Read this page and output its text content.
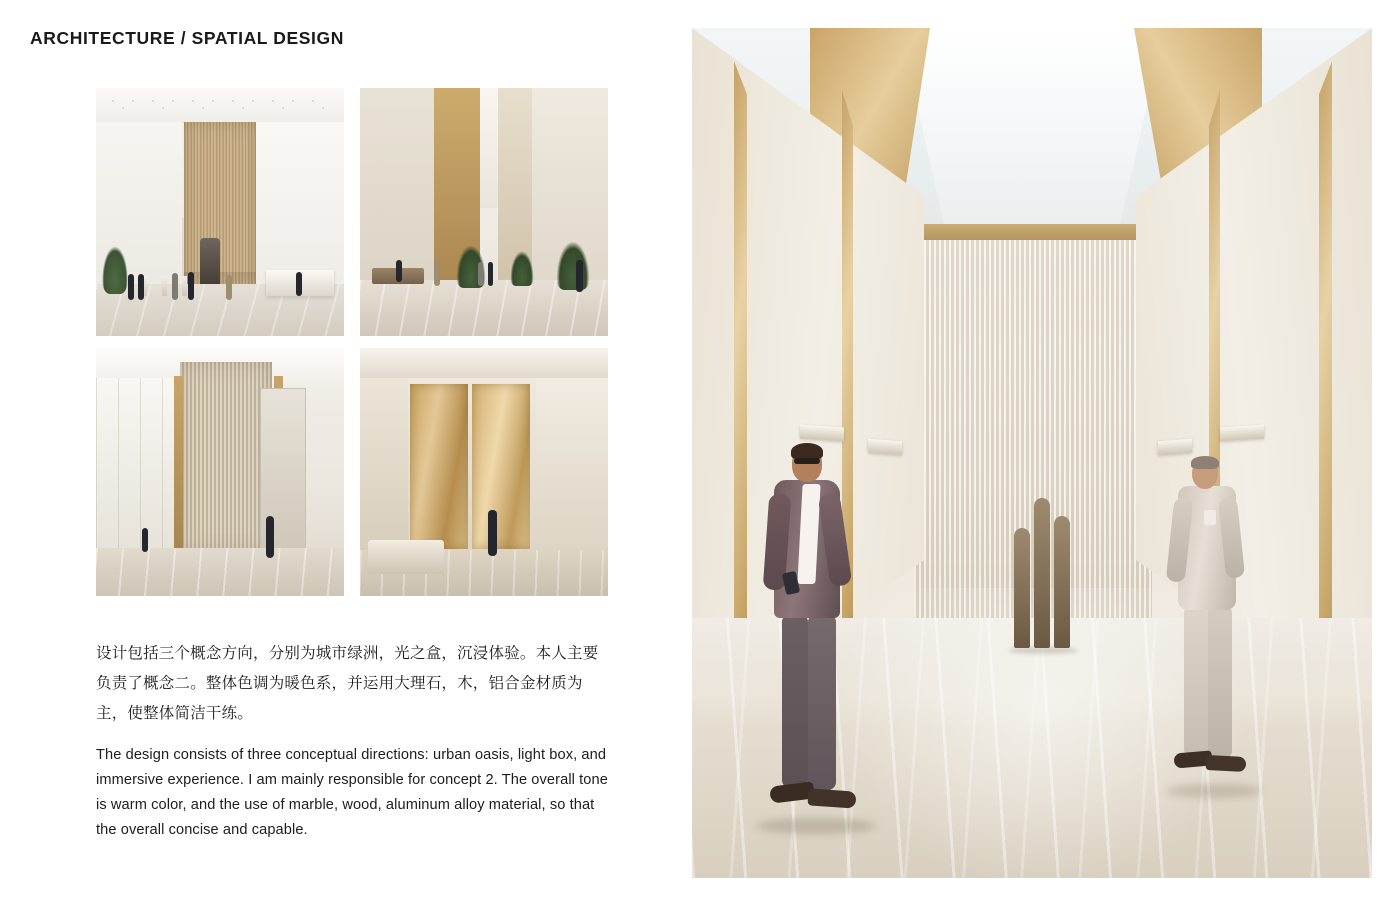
ARCHITECTURE / SPATIAL DESIGN

设计包括三个概念方向，分别为城市绿洲，光之盒，沉浸体验。本人主要负责了概念二。整体色调为暖色系，并运用大理石，木，铝合金材质为主，使整体简洁干练。

The design consists of three conceptual directions: urban oasis, light box, and immersive experience. I am mainly responsible for concept 2. The overall tone is warm color, and the use of marble, wood, aluminum alloy material, so that the overall concise and capable.
